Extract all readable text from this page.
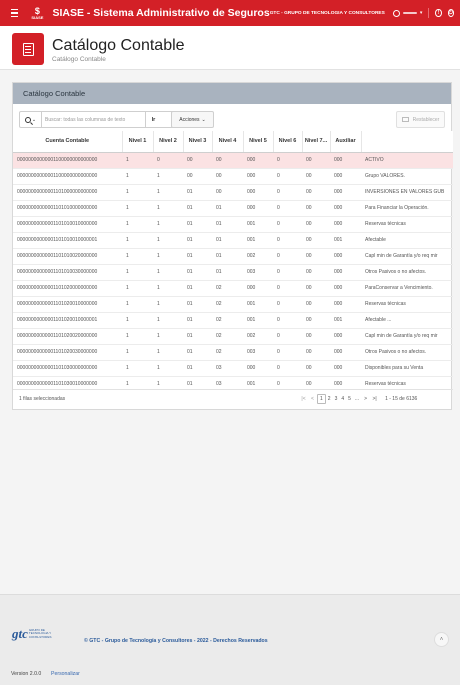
$
SIASE SIASE - Sistema Administrativo de Seguros GTC - GRUPO DE TECNOLOGIA Y CONSULTORES	▾	!	⏻
Catálogo Contable
Catálogo Contable
Catálogo Contable
⌄
Buscar: todas las columnas de texto	Ir	Acciones ⌄	Restablecer
Cuenta Contable	Nivel 1	Nivel 2	Nivel 3	Nivel 4	Nivel 5	Nivel 6	Nivel 7...	Auxiliar	
00000000000001100000000000000	1	0	00	00	000	0	00	000	ACTIVO
00000000000001100000000000000	1	1	00	00	000	0	00	000	Grupo VALORES.
00000000000001101000000000000	1	1	01	00	000	0	00	000	INVERSIONES EN VALORES GUB
00000000000001101010000000000	1	1	01	01	000	0	00	000	Para Financiar la Operación.
00000000000001101010010000000	1	1	01	01	001	0	00	000	Reservas técnicas
00000000000001101010010000001	1	1	01	01	001	0	00	001	Afectable
00000000000001101010020000000	1	1	01	01	002	0	00	000	Capl min de Garantía y/o req mir
00000000000001101010030000000	1	1	01	01	003	0	00	000	Otros Pasivos o no afectos.
00000000000001101020000000000	1	1	01	02	000	0	00	000	ParaConservar a Vencimiento.
00000000000001101020010000000	1	1	01	02	001	0	00	000	Reservas técnicas
00000000000001101020010000001	1	1	01	02	001	0	00	001	Afectable ...
00000000000001101020020000000	1	1	01	02	002	0	00	000	Capl min de Garantía y/o req mir
00000000000001101020030000000	1	1	01	02	003	0	00	000	Otros Pasivos o no afectos.
00000000000001101030000000000	1	1	01	03	000	0	00	000	Disponibles para su Venta
00000000000001101030010000000	1	1	01	03	001	0	00	000	Reservas técnicas
1 filas seleccionadas	|<	<	1	2 3 4 5 ...	>	>|	1 - 15 de 6136
gtc GRUPO DE TECNOLOGIA Y CONSULTORES
© GTC - Grupo de Tecnología y Consultores - 2022 - Derechos Reservados	˄
Version 2.0.0 Personalizar
